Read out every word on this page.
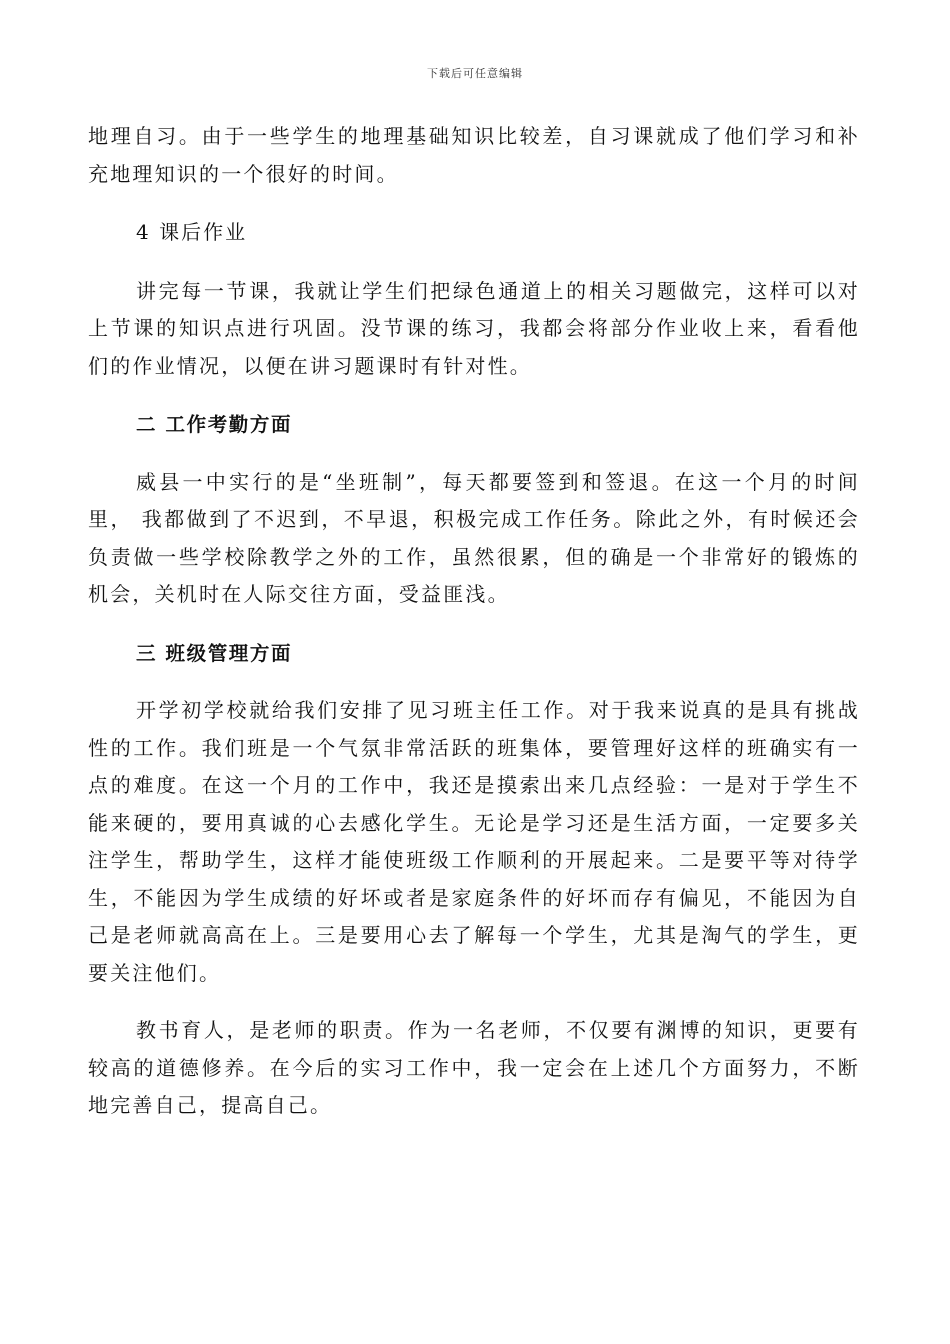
下载后可任意编辑

地理自习。由于一些学生的地理基础知识比较差，自习课就成了他们学习和补充地理知识的一个很好的时间。

4 课后作业

讲完每一节课，我就让学生们把绿色通道上的相关习题做完，这样可以对上节课的知识点进行巩固。没节课的练习，我都会将部分作业收上来，看看他们的作业情况，以便在讲习题课时有针对性。

二 工作考勤方面

威县一中实行的是“坐班制”，每天都要签到和签退。在这一个月的时间里， 我都做到了不迟到，不早退，积极完成工作任务。除此之外，有时候还会负责做一些学校除教学之外的工作，虽然很累，但的确是一个非常好的锻炼的机会，关机时在人际交往方面，受益匪浅。

三 班级管理方面

开学初学校就给我们安排了见习班主任工作。对于我来说真的是具有挑战性的工作。我们班是一个气氛非常活跃的班集体，要管理好这样的班确实有一点的难度。在这一个月的工作中，我还是摸索出来几点经验：一是对于学生不能来硬的，要用真诚的心去感化学生。无论是学习还是生活方面，一定要多关注学生，帮助学生，这样才能使班级工作顺利的开展起来。二是要平等对待学生，不能因为学生成绩的好坏或者是家庭条件的好坏而存有偏见，不能因为自己是老师就高高在上。三是要用心去了解每一个学生，尤其是淘气的学生，更要关注他们。

教书育人，是老师的职责。作为一名老师，不仅要有渊博的知识，更要有较高的道德修养。在今后的实习工作中，我一定会在上述几个方面努力，不断地完善自己，提高自己。
